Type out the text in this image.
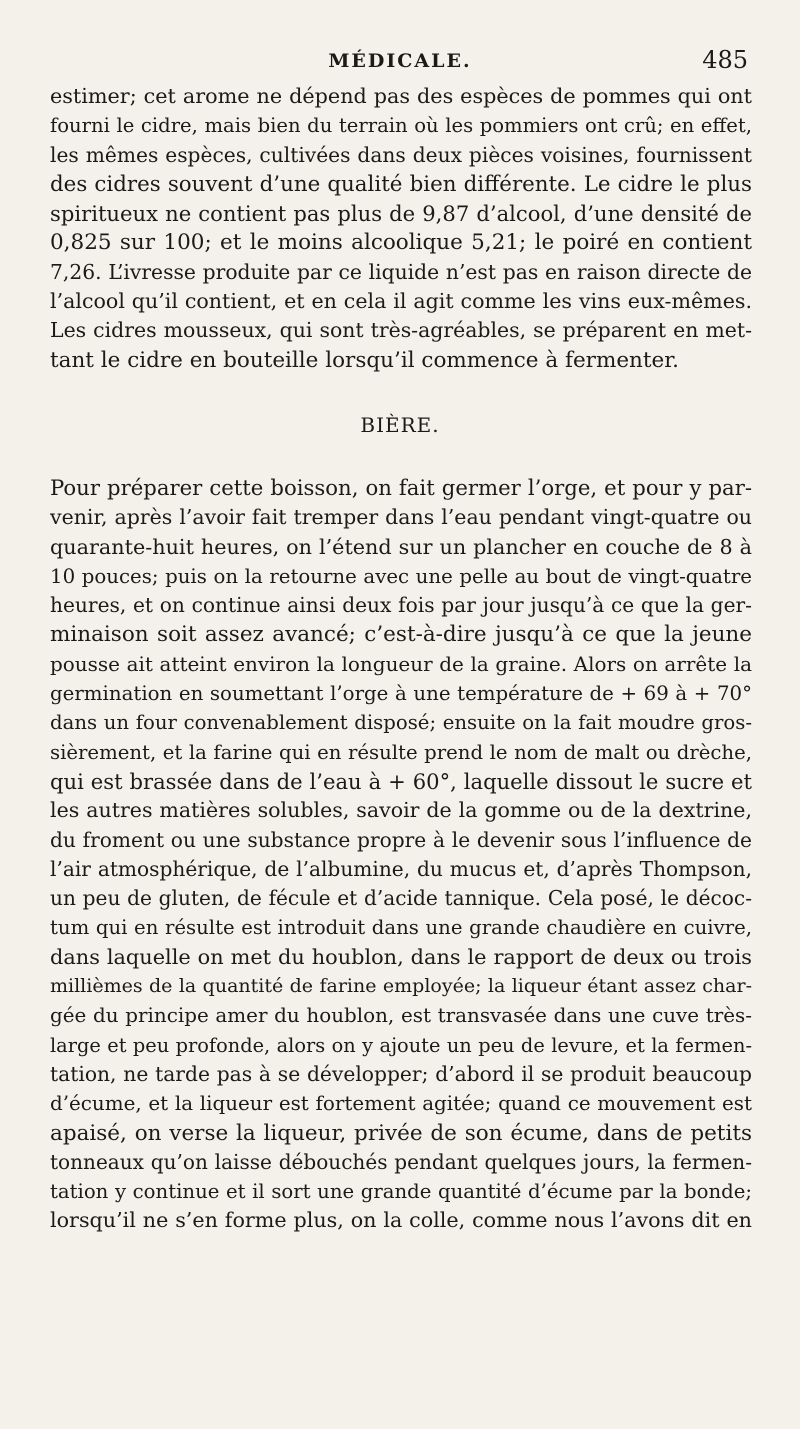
MÉDICALE.	485
estimer; cet arome ne dépend pas des espèces de pommes qui ont
fourni le cidre, mais bien du terrain où les pommiers ont crû; en effet,
les mêmes espèces, cultivées dans deux pièces voisines, fournissent
des cidres souvent d’une qualité bien différente. Le cidre le plus
spiritueux ne contient pas plus de 9,87 d’alcool, d’une densité de
0,825 sur 100; et le moins alcoolique 5,21; le poiré en contient
7,26. L’ivresse produite par ce liquide n’est pas en raison directe de
l’alcool qu’il contient, et en cela il agit comme les vins eux-mêmes.
Les cidres mousseux, qui sont très-agréables, se préparent en met-
tant le cidre en bouteille lorsqu’il commence à fermenter.
BIÈRE.
Pour préparer cette boisson, on fait germer l’orge, et pour y par-
venir, après l’avoir fait tremper dans l’eau pendant vingt-quatre ou
quarante-huit heures, on l’étend sur un plancher en couche de 8 à
10 pouces; puis on la retourne avec une pelle au bout de vingt-quatre
heures, et on continue ainsi deux fois par jour jusqu’à ce que la ger-
minaison soit assez avancé; c’est-à-dire jusqu’à ce que la jeune
pousse ait atteint environ la longueur de la graine. Alors on arrête la
germination en soumettant l’orge à une température de + 69 à + 70°
dans un four convenablement disposé; ensuite on la fait moudre gros-
sièrement, et la farine qui en résulte prend le nom de malt ou drèche,
qui est brassée dans de l’eau à + 60°, laquelle dissout le sucre et
les autres matières solubles, savoir de la gomme ou de la dextrine,
du froment ou une substance propre à le devenir sous l’influence de
l’air atmosphérique, de l’albumine, du mucus et, d’après Thompson,
un peu de gluten, de fécule et d’acide tannique. Cela posé, le décoc-
tum qui en résulte est introduit dans une grande chaudière en cuivre,
dans laquelle on met du houblon, dans le rapport de deux ou trois
millièmes de la quantité de farine employée; la liqueur étant assez char-
gée du principe amer du houblon, est transvasée dans une cuve très-
large et peu profonde, alors on y ajoute un peu de levure, et la fermen-
tation, ne tarde pas à se développer; d’abord il se produit beaucoup
d’écume, et la liqueur est fortement agitée; quand ce mouvement est
apaisé, on verse la liqueur, privée de son écume, dans de petits
tonneaux qu’on laisse débouchés pendant quelques jours, la fermen-
tation y continue et il sort une grande quantité d’écume par la bonde;
lorsqu’il ne s’en forme plus, on la colle, comme nous l’avons dit en
